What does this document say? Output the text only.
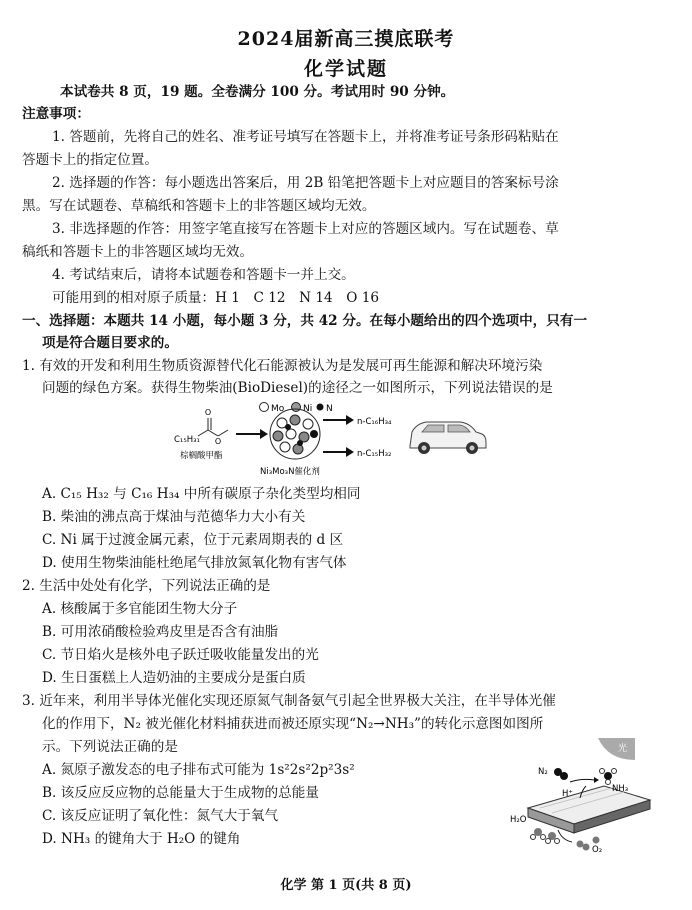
2024届新高三摸底联考
化学试题
本试卷共 8 页，19 题。全卷满分 100 分。考试用时 90 分钟。
注意事项：
1. 答题前，先将自己的姓名、准考证号填写在答题卡上，并将准考证号条形码粘贴在
答题卡上的指定位置。
2. 选择题的作答：每小题选出答案后，用 2B 铅笔把答题卡上对应题目的答案标号涂
黑。写在试题卷、草稿纸和答题卡上的非答题区域均无效。
3. 非选择题的作答：用签字笔直接写在答题卡上对应的答题区域内。写在试题卷、草
稿纸和答题卡上的非答题区域均无效。
4. 考试结束后，请将本试题卷和答题卡一并上交。
可能用到的相对原子质量：H 1　C 12　N 14　O 16
一、选择题：本题共 14 小题，每小题 3 分，共 42 分。在每小题给出的四个选项中，只有一
项是符合题目要求的。
1. 有效的开发和利用生物质资源替代化石能源被认为是发展可再生能源和解决环境污染
问题的绿色方案。获得生物柴油(BioDiesel)的途径之一如图所示，下列说法错误的是
Mo Ni N
O
O
C₁₅H₃₁
棕榈酸甲酯
Ni₃Mo₃N催化剂
n-C₁₆H₃₄
n-C₁₅H₃₂
A. C₁₅ H₃₂ 与 C₁₆ H₃₄ 中所有碳原子杂化类型均相同
B. 柴油的沸点高于煤油与范德华力大小有关
C. Ni 属于过渡金属元素，位于元素周期表的 d 区
D. 使用生物柴油能杜绝尾气排放氮氧化物有害气体
2. 生活中处处有化学，下列说法正确的是
A. 核酸属于多官能团生物大分子
B. 可用浓硝酸检验鸡皮里是否含有油脂
C. 节日焰火是核外电子跃迁吸收能量发出的光
D. 生日蛋糕上人造奶油的主要成分是蛋白质
3. 近年来，利用半导体光催化实现还原氮气制备氨气引起全世界极大关注，在半导体光催
化的作用下，N₂ 被光催化材料捕获进而被还原实现“N₂→NH₃”的转化示意图如图所
示。下列说法正确的是
A. 氮原子激发态的电子排布式可能为 1s²2s²2p²3s²
B. 该反应反应物的总能量大于生成物的总能量
C. 该反应证明了氧化性：氮气大于氧气
D. NH₃ 的键角大于 H₂O 的键角
光
N₂
NH₃
H⁺
H₂O
O₂
化学 第 1 页(共 8 页)
